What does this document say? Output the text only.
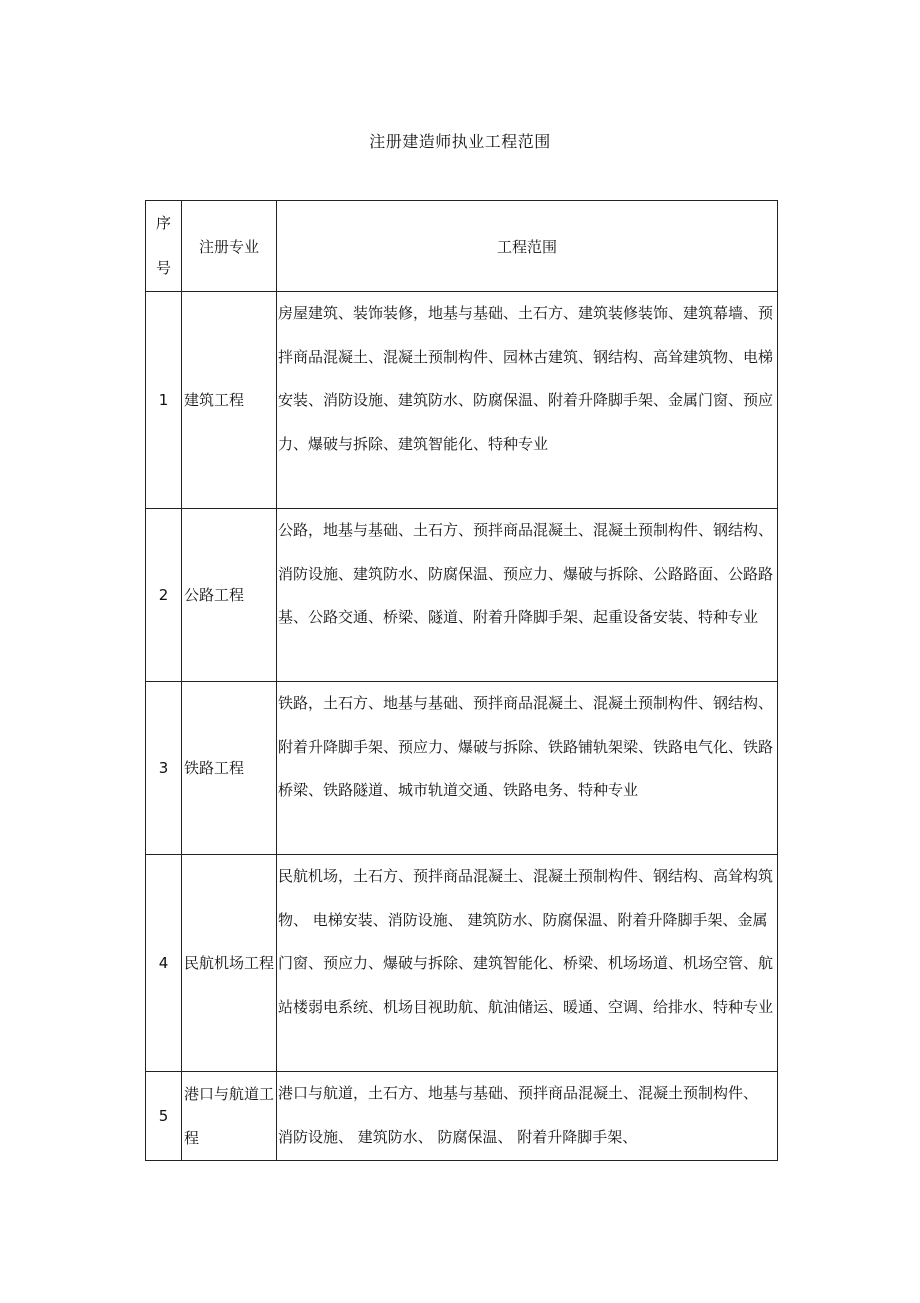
注册建造师执业工程范围
序
号	注册专业	工程范围
1	建筑工程	房屋建筑、装饰装修，地基与基础、土石方、建筑装修装饰、建筑幕墙、预拌商品混凝土、混凝土预制构件、园林古建筑、钢结构、高耸建筑物、电梯安装、消防设施、建筑防水、防腐保温、附着升降脚手架、金属门窗、预应力、爆破与拆除、建筑智能化、特种专业
2	公路工程	公路，地基与基础、土石方、预拌商品混凝土、混凝土预制构件、钢结构、消防设施、建筑防水、防腐保温、预应力、爆破与拆除、公路路面、公路路基、公路交通、桥梁、隧道、附着升降脚手架、起重设备安装、特种专业
3	铁路工程	铁路，土石方、地基与基础、预拌商品混凝土、混凝土预制构件、钢结构、附着升降脚手架、预应力、爆破与拆除、铁路铺轨架梁、铁路电气化、铁路桥梁、铁路隧道、城市轨道交通、铁路电务、特种专业
4	民航机场工程	民航机场，土石方、预拌商品混凝土、混凝土预制构件、钢结构、高耸构筑物、 电梯安装、消防设施、 建筑防水、防腐保温、附着升降脚手架、金属门窗、预应力、爆破与拆除、建筑智能化、桥梁、机场场道、机场空管、航站楼弱电系统、机场目视助航、航油储运、暖通、空调、给排水、特种专业
5	港口与航道工程	港口与航道，土石方、地基与基础、预拌商品混凝土、混凝土预制构件、 消防设施、 建筑防水、 防腐保温、 附着升降脚手架、
